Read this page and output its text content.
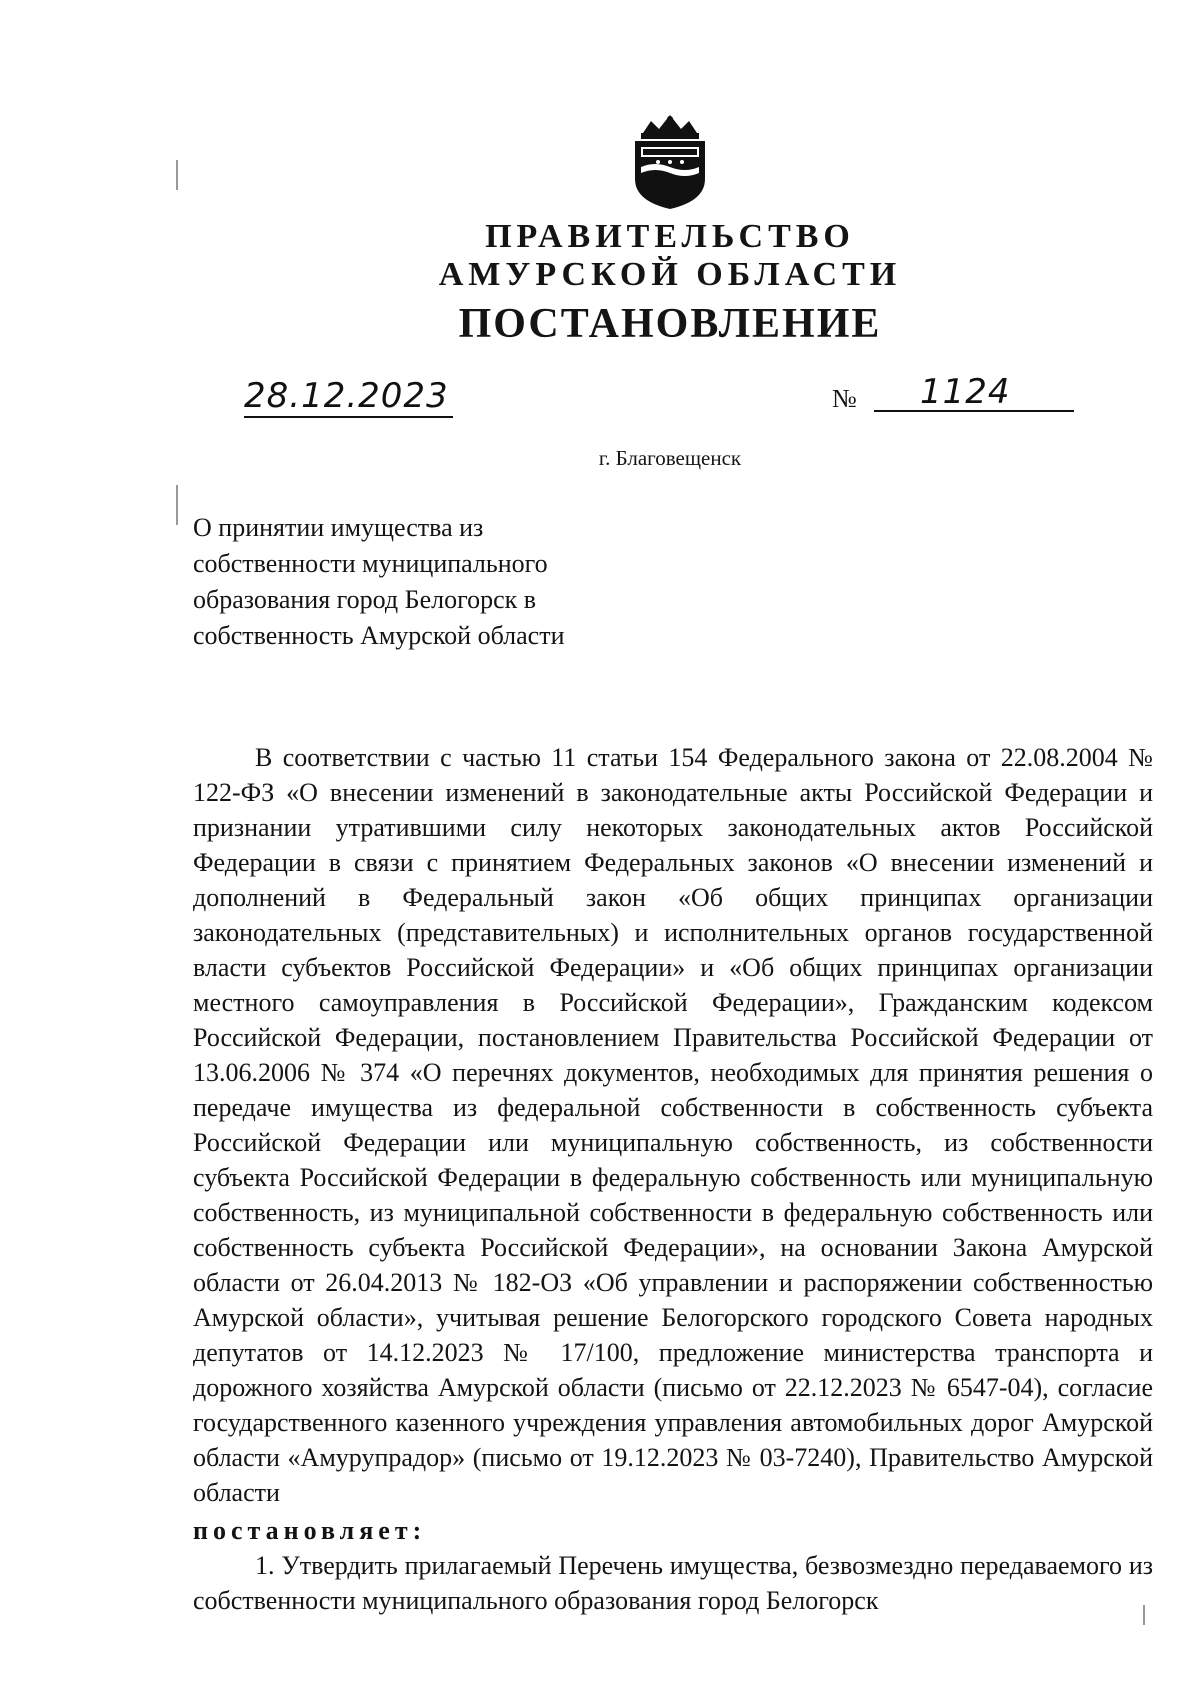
ПРАВИТЕЛЬСТВО
АМУРСКОЙ ОБЛАСТИ
ПОСТАНОВЛЕНИЕ
28.12.2023	№ 1124
г. Благовещенск
О принятии имущества из собственности муниципального образования город Белогорск в собственность Амурской области

В соответствии с частью 11 статьи 154 Федерального закона от 22.08.2004 № 122-ФЗ «О внесении изменений в законодательные акты Российской Федерации и признании утратившими силу некоторых законодательных актов Российской Федерации в связи с принятием Федеральных законов «О внесении изменений и дополнений в Федеральный закон «Об общих принципах организации законодательных (представительных) и исполнительных органов государственной власти субъектов Российской Федерации» и «Об общих принципах организации местного самоуправления в Российской Федерации», Гражданским кодексом Российской Федерации, постановлением Правительства Российской Федерации от 13.06.2006 № 374 «О перечнях документов, необходимых для принятия решения о передаче имущества из федеральной собственности в собственность субъекта Российской Федерации или муниципальную собственность, из собственности субъекта Российской Федерации в федеральную собственность или муниципальную собственность, из муниципальной собственности в федеральную собственность или собственность субъекта Российской Федерации», на основании Закона Амурской области от 26.04.2013 № 182-ОЗ «Об управлении и распоряжении собственностью Амурской области», учитывая решение Белогорского городского Совета народных депутатов от 14.12.2023 № 17/100, предложение министерства транспорта и дорожного хозяйства Амурской области (письмо от 22.12.2023 № 6547-04), согласие государственного казенного учреждения управления автомобильных дорог Амурской области «Амурупрадор» (письмо от 19.12.2023 № 03-7240), Правительство Амурской области

постановляет:

1. Утвердить прилагаемый Перечень имущества, безвозмездно передаваемого из собственности муниципального образования город Белогорск
